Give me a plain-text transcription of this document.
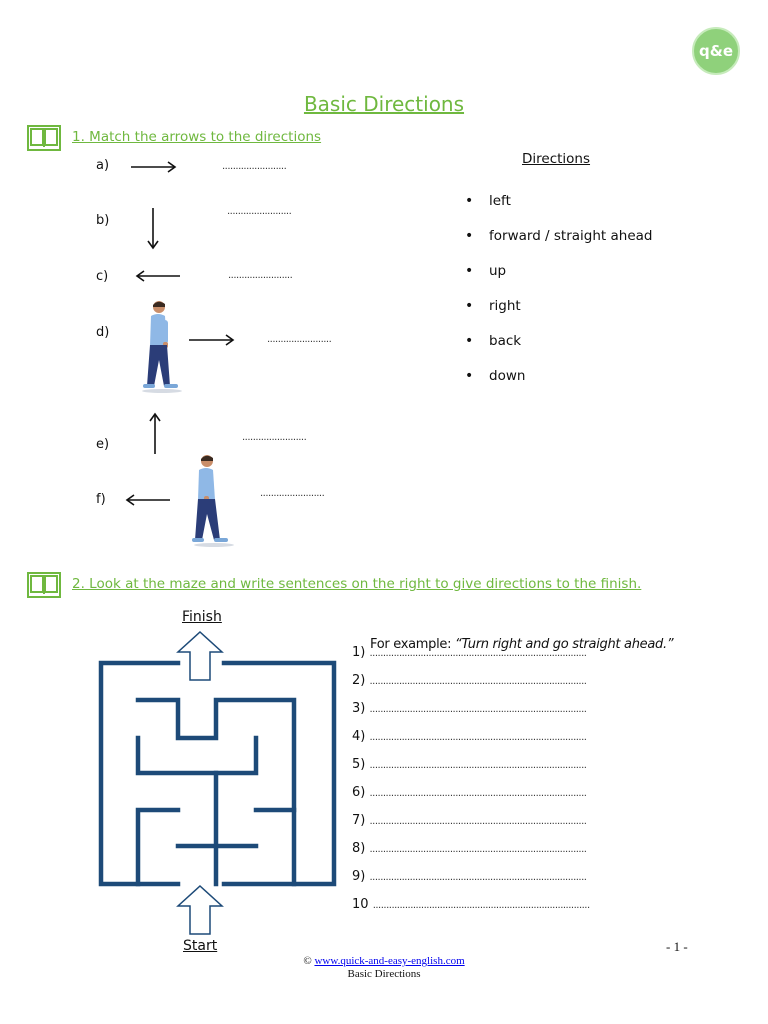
q&e
Basic Directions
1. Match the arrows to the directions
a)	........................
b)
........................
c)	........................
d)	........................
e)	........................
f)	........................
Directions
•	left
•	forward / straight ahead
•	up
•	right
•	back
•	down
2. Look at the maze and write sentences on the right to give directions to the finish.
Finish
Start
For example: “Turn right and go straight ahead.”
1) .................................................................................
2) .................................................................................
3) .................................................................................
4) .................................................................................
5) .................................................................................
6) .................................................................................
7) .................................................................................
8) .................................................................................
9) .................................................................................
10 .................................................................................
- 1 -
© www.quick-and-easy-english.com
Basic Directions
